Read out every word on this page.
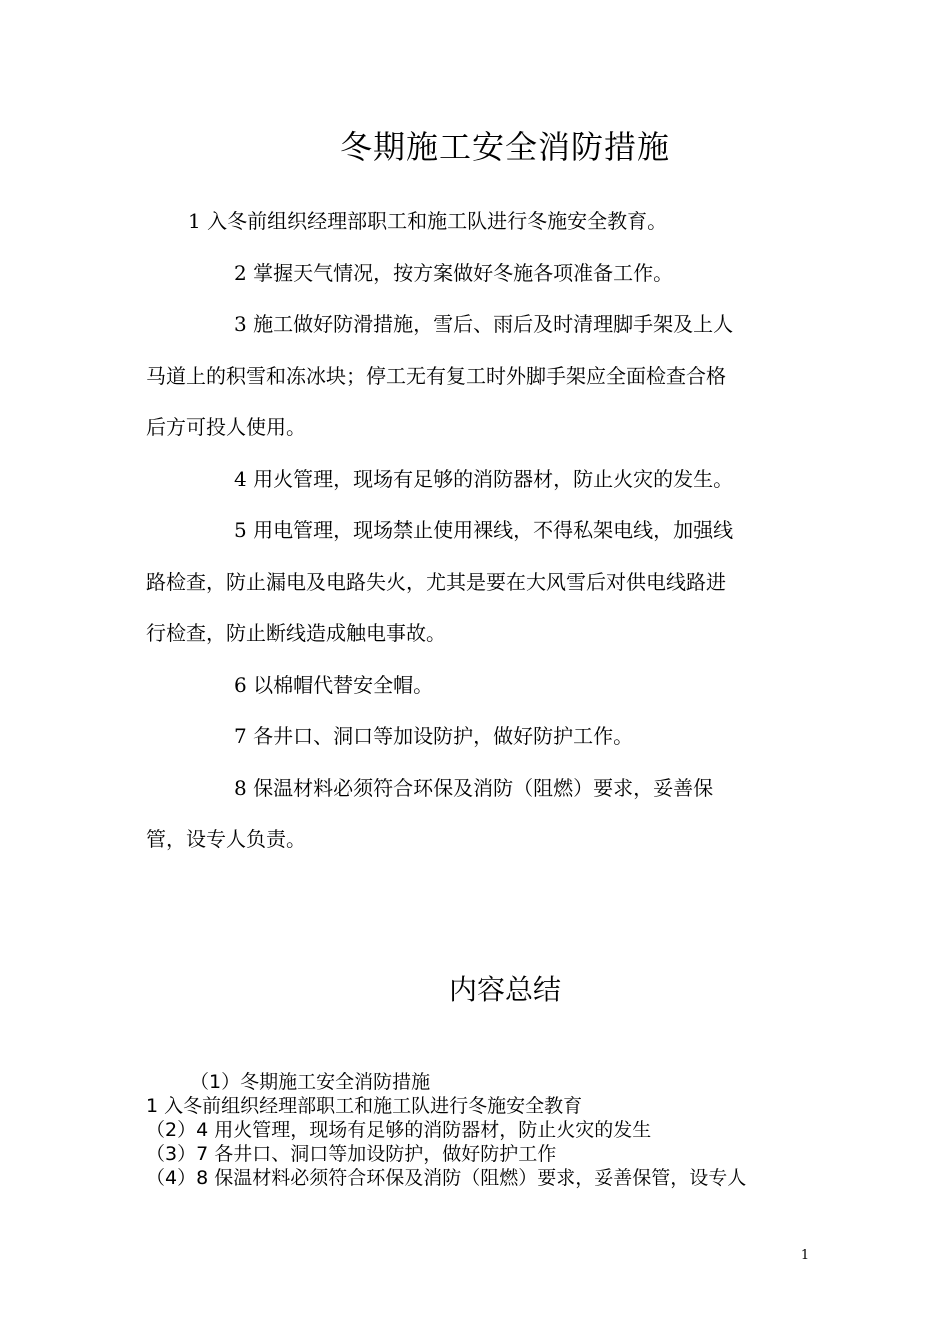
冬期施工安全消防措施

1 入冬前组织经理部职工和施工队进行冬施安全教育。

2 掌握天气情况，按方案做好冬施各项准备工作。

3 施工做好防滑措施，雪后、雨后及时清理脚手架及上人

马道上的积雪和冻冰块；停工无有复工时外脚手架应全面检查合格

后方可投人使用。

4 用火管理，现场有足够的消防器材，防止火灾的发生。

5 用电管理，现场禁止使用裸线，不得私架电线，加强线

路检查，防止漏电及电路失火，尤其是要在大风雪后对供电线路进

行检查，防止断线造成触电事故。

6 以棉帽代替安全帽。

7 各井口、洞口等加设防护，做好防护工作。

8 保温材料必须符合环保及消防（阻燃）要求，妥善保

管，设专人负责。

内容总结
（1）冬期施工安全消防措施
1 入冬前组织经理部职工和施工队进行冬施安全教育
（2）4 用火管理，现场有足够的消防器材，防止火灾的发生
（3）7 各井口、洞口等加设防护，做好防护工作
（4）8 保温材料必须符合环保及消防（阻燃）要求，妥善保管，设专人
1
